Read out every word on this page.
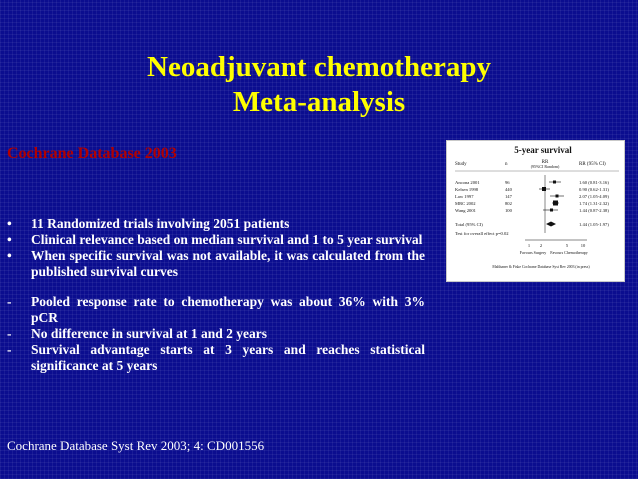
Neoadjuvant chemotherapy
Meta-analysis
Cochrane Database 2003
• 11 Randomized trials involving 2051 patients
• Clinical relevance based on median survival and 1 to 5 year survival
• When specific survival was not available, it was calculated from the published survival curves
- Pooled response rate to chemotherapy was about 36% with 3% pCR
- No difference in survival at 1 and 2 years
- Survival advantage starts at 3 years and reaches statistical significance at 5 years
Cochrane Database Syst Rev 2003; 4: CD001556
5-year survival
Study	n	RR
(95%CI Random)	RR (95% CI)
Ancona 2001	96	1.60 (0.81-3.16)
Kelsen 1998	440	0.90 (0.62-1.31)
Law 1997	147	2.07 (1.05-4.09)
MRC 2002	802	1.74 (1.31-2.32)
Wang 2001	100	1.44 (0.87-2.38)
Total (95% CI)	1.44 (1.05-1.97)
Test for overall effect p=0.02
1 2	5	10
Favours Surgery Favours Chemotherapy
Malthaner & Fiske Cochrane Database Syst Rev 2003 (in press)
